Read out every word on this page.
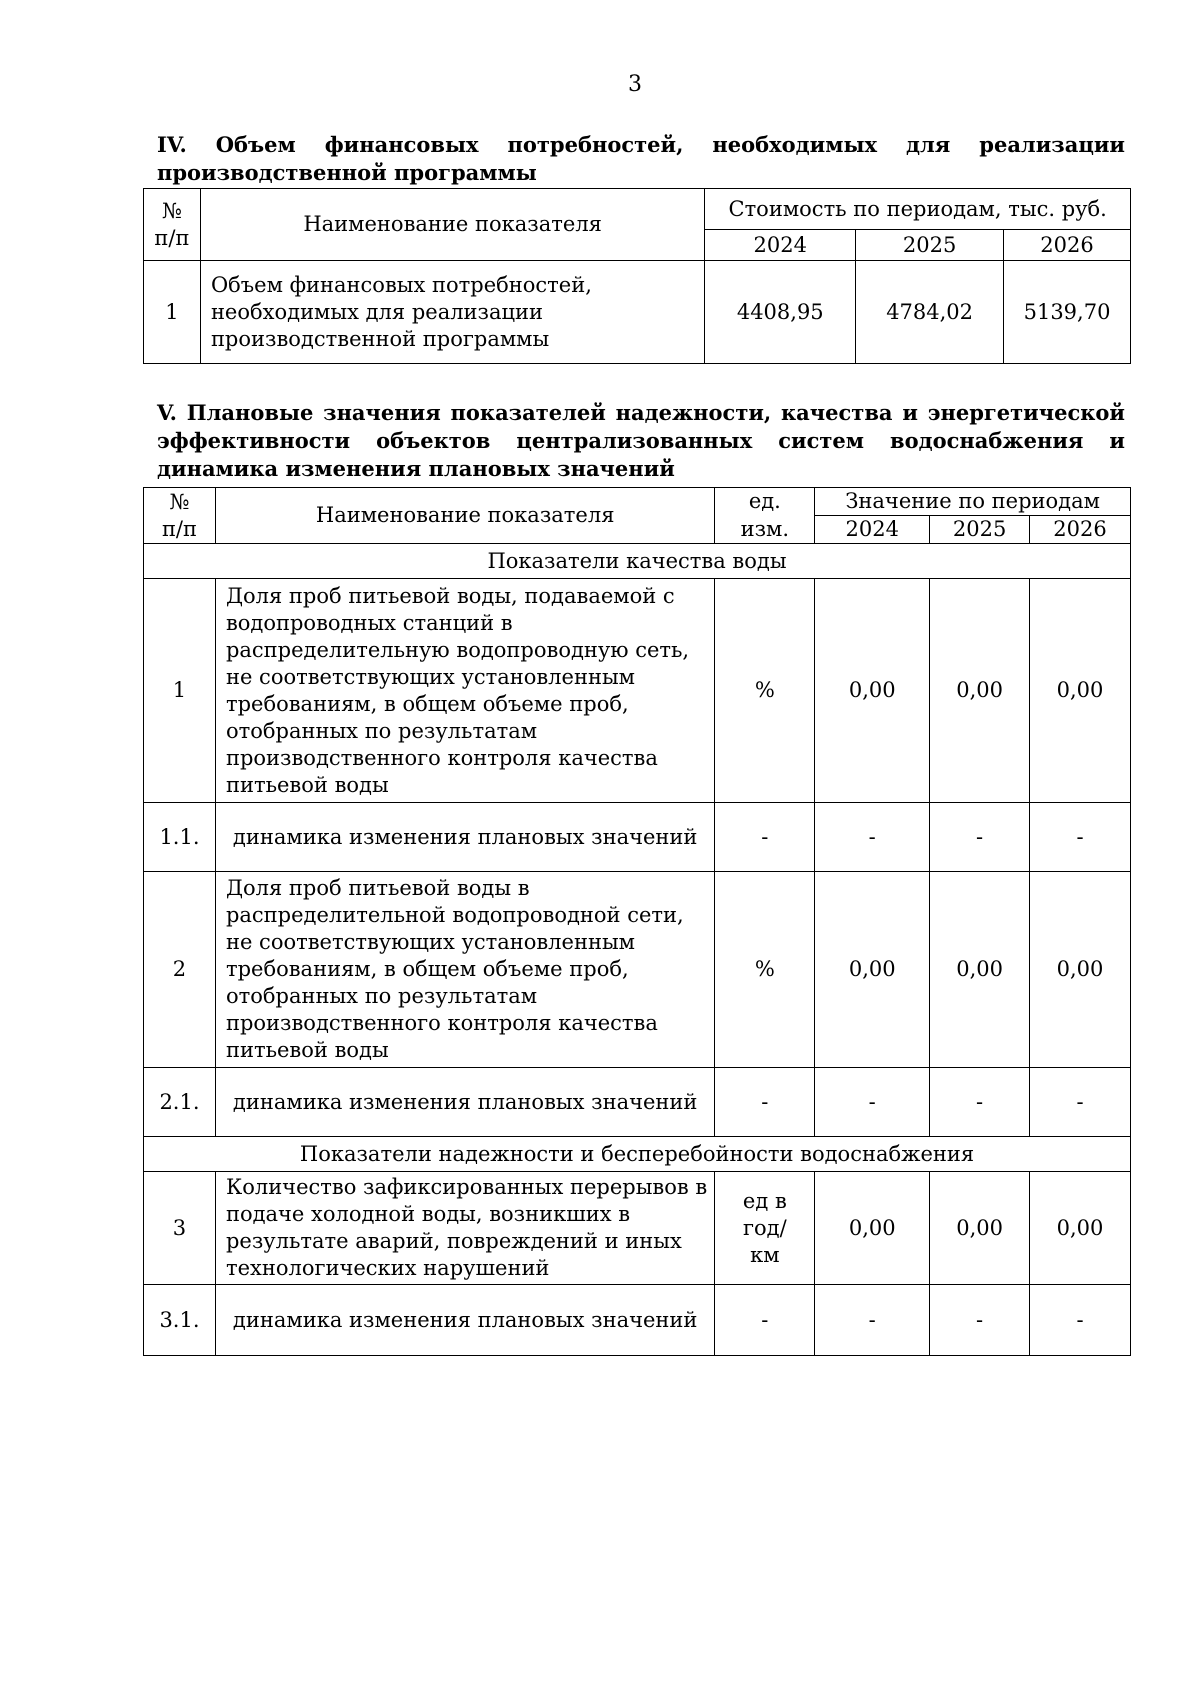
3
IV. Объем финансовых потребностей, необходимых для реализации производственной программы
№ п/п	Наименование показателя	Стоимость по периодам, тыс. руб.		
		2024	2025	2026
1	Объем финансовых потребностей, необходимых для реализации производственной программы	4408,95	4784,02	5139,70
V. Плановые значения показателей надежности, качества и энергетической эффективности объектов централизованных систем водоснабжения и динамика изменения плановых значений
№ п/п	Наименование показателя	ед.	Значение по периодам		
		изм.	2024	2025	2026
Показатели качества воды					
1	Доля проб питьевой воды, подаваемой с водопроводных станций в распределительную водопроводную сеть, не соответствующих установленным требованиям, в общем объеме проб, отобранных по результатам производственного контроля качества питьевой воды	%	0,00	0,00	0,00
1.1.	динамика изменения плановых значений	-	-	-	-
2	Доля проб питьевой воды в распределительной водопроводной сети, не соответствующих установленным требованиям, в общем объеме проб, отобранных по результатам производственного контроля качества питьевой воды	%	0,00	0,00	0,00
2.1.	динамика изменения плановых значений	-	-	-	-
Показатели надежности и бесперебойности водоснабжения					
3	Количество зафиксированных перерывов в подаче холодной воды, возникших в результате аварий, повреждений и иных технологических нарушений	ед в год/ км	0,00	0,00	0,00
3.1.	динамика изменения плановых значений	-	-	-	-
